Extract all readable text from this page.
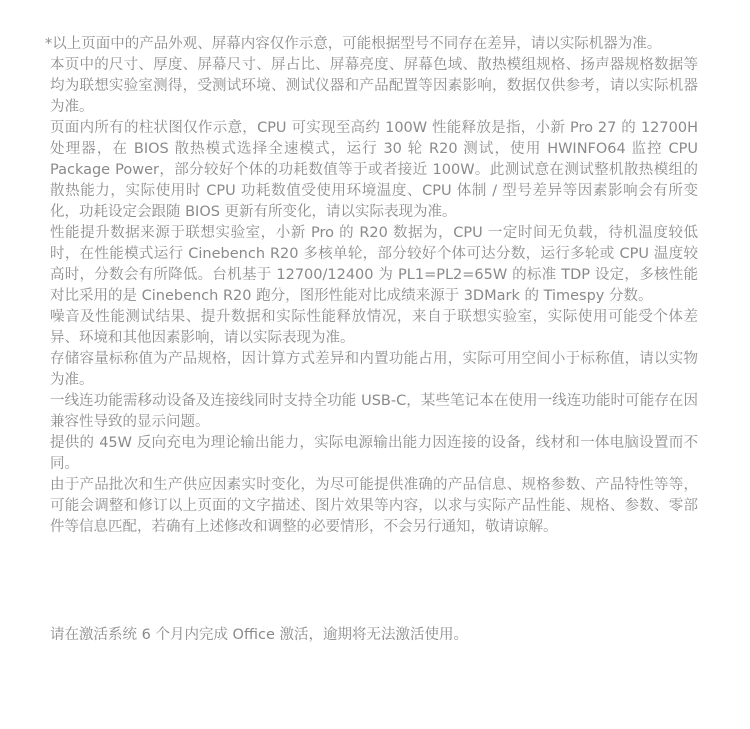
*以上页面中的产品外观、屏幕内容仅作示意，可能根据型号不同存在差异，请以实际机器为准。

本页中的尺寸、厚度、屏幕尺寸、屏占比、屏幕亮度、屏幕色域、散热模组规格、扬声器规格数据等均为联想实验室测得，受测试环境、测试仪器和产品配置等因素影响，数据仅供参考，请以实际机器为准。

页面内所有的柱状图仅作示意，CPU 可实现至高约 100W 性能释放是指，小新 Pro 27 的 12700H 处理器，在 BIOS 散热模式选择全速模式，运行 30 轮 R20 测试，使用 HWINFO64 监控 CPU Package Power，部分较好个体的功耗数值等于或者接近 100W。此测试意在测试整机散热模组的散热能力，实际使用时 CPU 功耗数值受使用环境温度、CPU 体制 / 型号差异等因素影响会有所变化，功耗设定会跟随 BIOS 更新有所变化，请以实际表现为准。

性能提升数据来源于联想实验室，小新 Pro 的 R20 数据为，CPU 一定时间无负载，待机温度较低时，在性能模式运行 Cinebench R20 多核单轮，部分较好个体可达分数，运行多轮或 CPU 温度较高时，分数会有所降低。台机基于 12700/12400 为 PL1=PL2=65W 的标准 TDP 设定，多核性能对比采用的是 Cinebench R20 跑分，图形性能对比成绩来源于 3DMark 的 Timespy 分数。

噪音及性能测试结果、提升数据和实际性能释放情况，来自于联想实验室，实际使用可能受个体差异、环境和其他因素影响，请以实际表现为准。

存储容量标称值为产品规格，因计算方式差异和内置功能占用，实际可用空间小于标称值，请以实物为准。

一线连功能需移动设备及连接线同时支持全功能 USB-C，某些笔记本在使用一线连功能时可能存在因兼容性导致的显示问题。

提供的 45W 反向充电为理论输出能力，实际电源输出能力因连接的设备，线材和一体电脑设置而不同。

由于产品批次和生产供应因素实时变化，为尽可能提供准确的产品信息、规格参数、产品特性等等，可能会调整和修订以上页面的文字描述、图片效果等内容，以求与实际产品性能、规格、参数、零部件等信息匹配，若确有上述修改和调整的必要情形，不会另行通知，敬请谅解。

请在激活系统 6 个月内完成 Office 激活，逾期将无法激活使用。
